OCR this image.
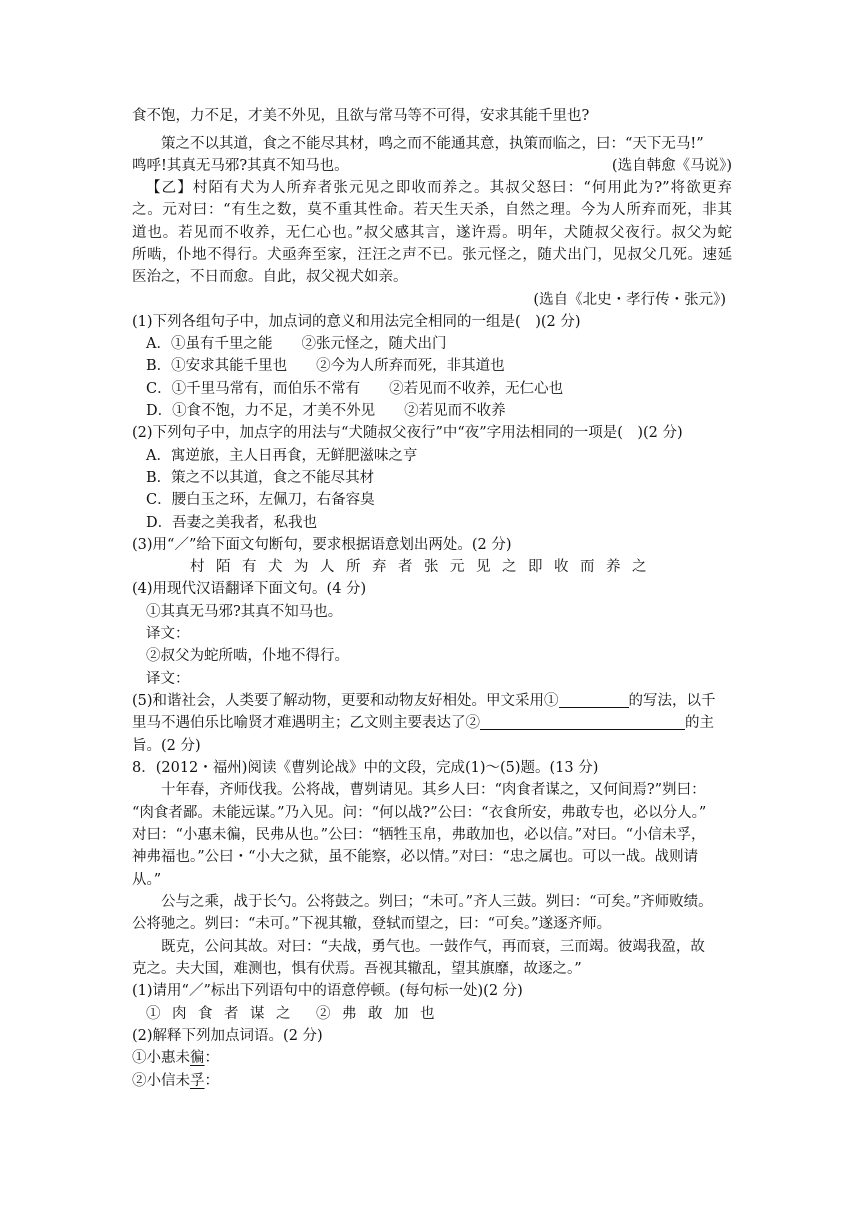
食不饱，力不足，才美不外见，且欲与常马等不可得，安求其能千里也?
策之不以其道，食之不能尽其材，鸣之而不能通其意，执策而临之，曰：“天下无马!”
鸣呼!其真无马邪?其真不知马也。	(选自韩愈《马说》)
【乙】村陌有犬为人所弃者张元见之即收而养之。其叔父怒曰：“何用此为?”将欲更弃
之。元对曰：“有生之数，莫不重其性命。若天生天杀，自然之理。今为人所弃而死，非其
道也。若见而不收养，无仁心也。”叔父感其言，遂许焉。明年，犬随叔父夜行。叔父为蛇
所啮，仆地不得行。犬亟奔至家，汪汪之声不已。张元怪之，随犬出门，见叔父几死。速延
医治之，不日而愈。自此，叔父视犬如亲。
(选自《北史・孝行传・张元》)
(1)下列各组句子中，加点词的意义和用法完全相同的一组是(　)(2 分)
A．①虽有千里之能　　②张元怪之，随犬出门
B．①安求其能千里也　　②今为人所弃而死，非其道也
C．①千里马常有，而伯乐不常有　　②若见而不收养，无仁心也
D．①食不饱，力不足，才美不外见　　②若见而不收养
(2)下列句子中，加点字的用法与“犬随叔父夜行”中“夜”字用法相同的一项是(　)(2 分)
A．寓逆旅，主人日再食，无鲜肥滋味之亨
B．策之不以其道，食之不能尽其材
C．腰白玉之环，左佩刀，右备容臭
D．吾妻之美我者，私我也
(3)用“／”给下面文句断句，要求根据语意划出两处。(2 分)
村陌有犬为人所弃者张元见之即收而养之
(4)用现代汉语翻译下面文句。(4 分)
①其真无马邪?其真不知马也。
译文：
②叔父为蛇所啮，仆地不得行。
译文：
(5)和谐社会，人类要了解动物，更要和动物友好相处。甲文采用①	的写法，以千
里马不遇伯乐比喻贤才难遇明主；乙文则主要表达了②	的主
旨。(2 分)
8．(2012・福州)阅读《曹刿论战》中的文段，完成(1)～(5)题。(13 分)
十年春，齐师伐我。公将战，曹刿请见。其乡人曰：“肉食者谋之，又何间焉?”刿曰：
“肉食者鄙。未能远谋。”乃入见。问：“何以战?”公曰：“衣食所安，弗敢专也，必以分人。”
对曰：“小惠未徧，民弗从也。”公曰：“牺牲玉帛，弗敢加也，必以信。”对曰。“小信未孚，
神弗福也。”公曰・“小大之狱，虽不能察，必以情。”对曰：“忠之属也。可以一战。战则请
从。”
公与之乘，战于长勺。公将鼓之。刿曰；“未可。”齐人三鼓。刿曰：“可矣。”齐师败绩。
公将驰之。刿曰：“未可。”下视其辙，登轼而望之，曰：“可矣。”遂逐齐师。
既克，公问其故。对曰：“夫战，勇气也。一鼓作气，再而衰，三而竭。彼竭我盈，故
克之。夫大国，难测也，惧有伏焉。吾视其辙乱，望其旗靡，故逐之。”
(1)请用“／”标出下列语句中的语意停顿。(每句标一处)(2 分)
①肉食者谋之 ②弗敢加也
(2)解释下列加点词语。(2 分)
①小惠未徧：
②小信未孚：
